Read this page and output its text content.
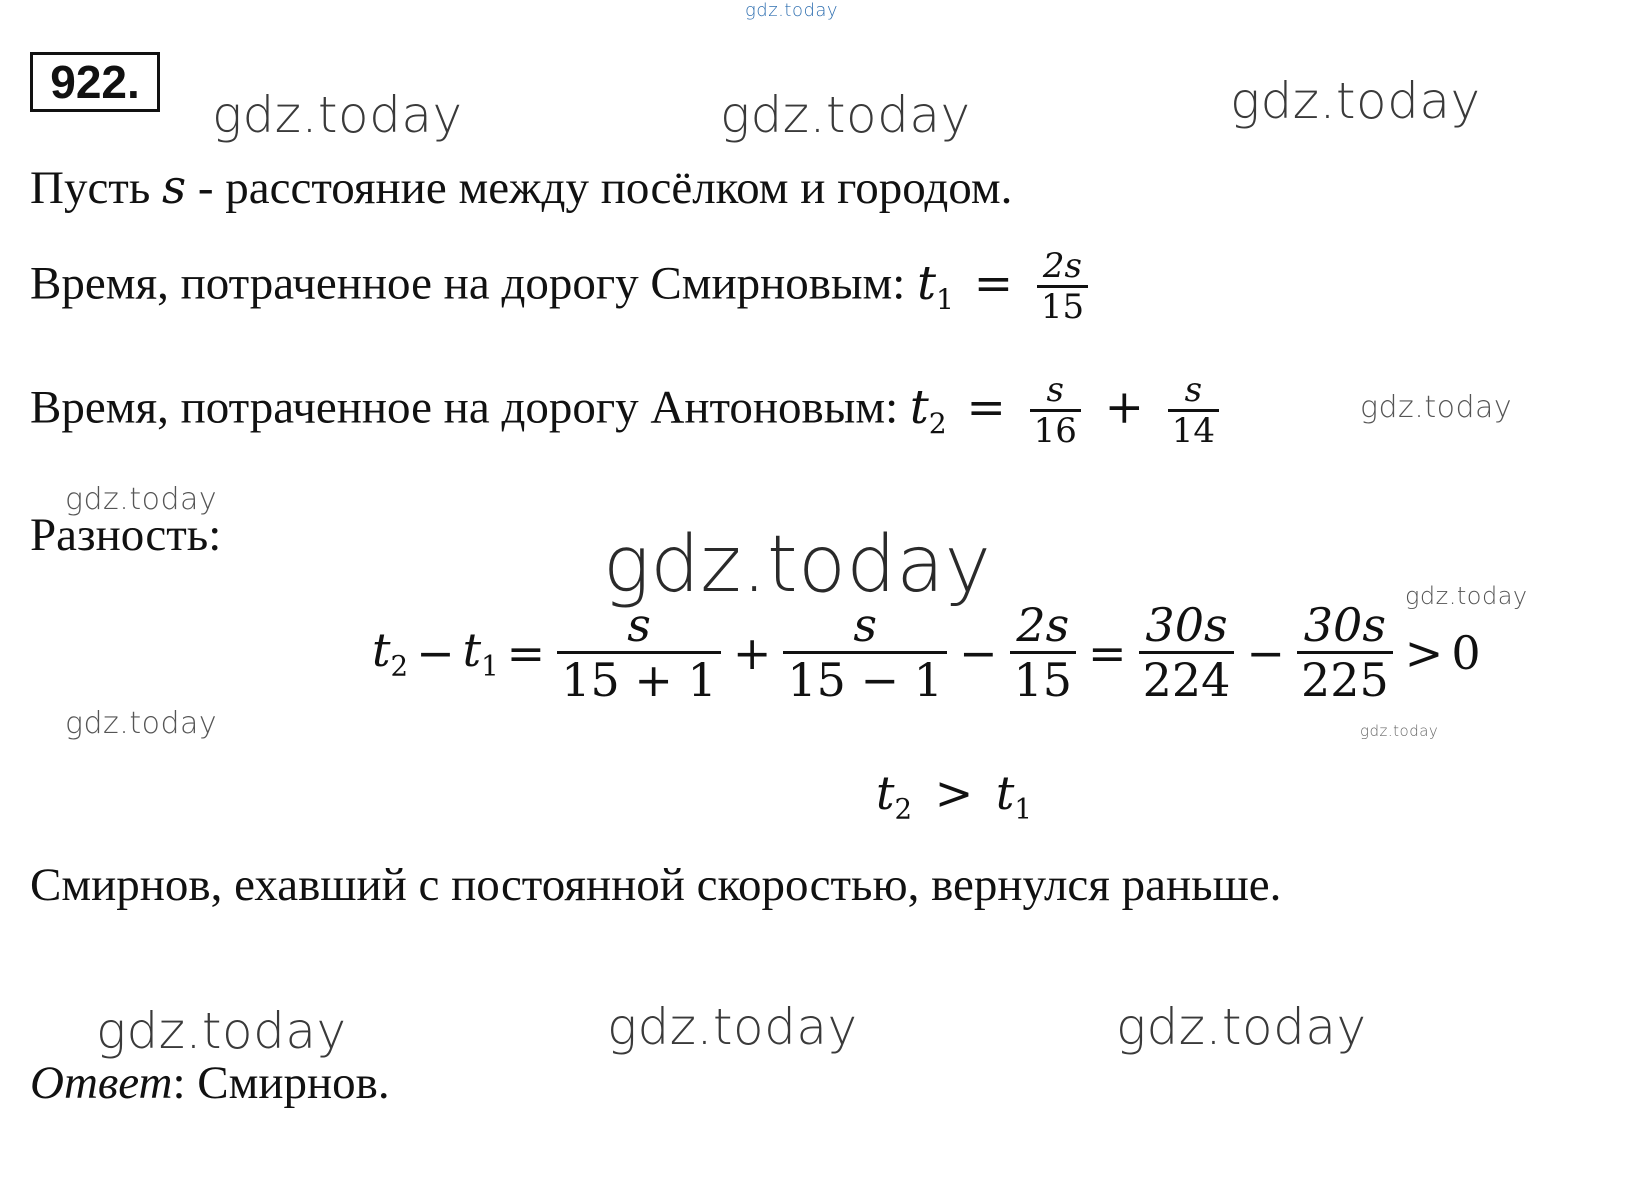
gdz.today
gdz.today	gdz.today	gdz.today
gdz.today
gdz.today
gdz.today	gdz.today
gdz.today	gdz.today
gdz.today	gdz.today	gdz.today
922.
Пусть s - расстояние между посёлком и городом.
Время, потраченное на дорогу Смирновым: $t_1 = \frac{2s}{15}$
Время, потраченное на дорогу Антоновым: $t_2 = \frac{s}{16} + \frac{s}{14}$
Разность:
$t_2 - t_1 = \frac{s}{15 + 1} + \frac{s}{15 - 1} - \frac{2s}{15} = \frac{30s}{224} - \frac{30s}{225} > 0$
$t_2 > t_1$
Смирнов, ехавший с постоянной скоростью, вернулся раньше.
Ответ: Смирнов.
